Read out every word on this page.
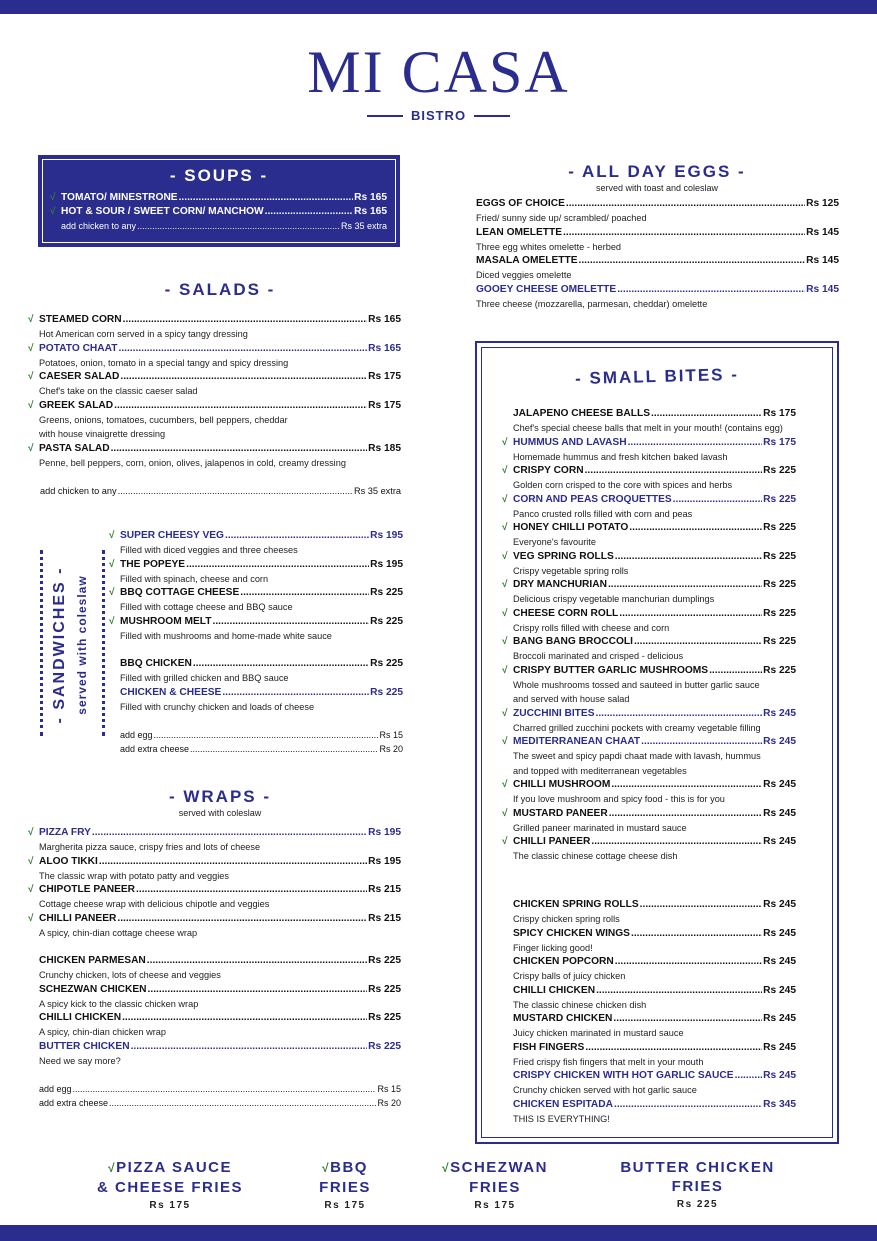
MI CASA
BISTRO
- SOUPS -
√ TOMATO/ MINESTRONE .....	Rs 165
√ HOT & SOUR / SWEET CORN/ MANCHOW .....	Rs 165
add chicken to any .....	Rs 35 extra
- SALADS -
√ STEAMED CORN .....	Rs 165
Hot American corn served in a spicy tangy dressing
√ POTATO CHAAT .....	Rs 165
Potatoes, onion, tomato in a special tangy and spicy dressing
√ CAESER SALAD .....	Rs 175
Chef's take on the classic caeser salad
√ GREEK SALAD .....	Rs 175
Greens, onions, tomatoes, cucumbers, bell peppers, cheddar
with house vinaigrette dressing
√ PASTA SALAD .....	Rs 185
Penne, bell peppers, corn, onion, olives, jalapenos in cold, creamy dressing
add chicken to any .....	Rs 35 extra
- SANDWICHES - served with coleslaw
√ SUPER CHEESY VEG .....	Rs 195
Filled with diced veggies and three cheeses
√ THE POPEYE .....	Rs 195
Filled with spinach, cheese and corn
√ BBQ COTTAGE CHEESE .....	Rs 225
Filled with cottage cheese and BBQ sauce
√ MUSHROOM MELT .....	Rs 225
Filled with mushrooms and home-made white sauce
BBQ CHICKEN .....	Rs 225
Filled with grilled chicken and BBQ sauce
CHICKEN & CHEESE .....	Rs 225
Filled with crunchy chicken and loads of cheese
add egg .....	Rs 15
add extra cheese .....	Rs 20
- WRAPS -
served with coleslaw
√ PIZZA FRY .....	Rs 195
Margherita pizza sauce, crispy fries and lots of cheese
√ ALOO TIKKI .....	Rs 195
The classic wrap with potato patty and veggies
√ CHIPOTLE PANEER .....	Rs 215
Cottage cheese wrap with delicious chipotle and veggies
√ CHILLI PANEER .....	Rs 215
A spicy, chin-dian cottage cheese wrap
CHICKEN PARMESAN .....	Rs 225
Crunchy chicken, lots of cheese and veggies
SCHEZWAN CHICKEN .....	Rs 225
A spicy kick to the classic chicken wrap
CHILLI CHICKEN .....	Rs 225
A spicy, chin-dian chicken wrap
BUTTER CHICKEN .....	Rs 225
Need we say more?
add egg .....	Rs 15
add extra cheese .....	Rs 20
- ALL DAY EGGS -
served with toast and coleslaw
EGGS OF CHOICE .....	Rs 125
Fried/ sunny side up/ scrambled/ poached
LEAN OMELETTE .....	Rs 145
Three egg whites omelette - herbed
MASALA OMELETTE .....	Rs 145
Diced veggies omelette
GOOEY CHEESE OMELETTE .....	Rs 145
Three cheese (mozzarella, parmesan, cheddar) omelette
- SMALL BITES -
JALAPENO CHEESE BALLS .....	Rs 175
Chef's special cheese balls that melt in your mouth! (contains egg)
√ HUMMUS AND LAVASH .....	Rs 175
Homemade hummus and fresh kitchen baked lavash
√ CRISPY CORN .....	Rs 225
Golden corn crisped to the core with spices and herbs
√ CORN AND PEAS CROQUETTES .....	Rs 225
Panco crusted rolls filled with corn and peas
√ HONEY CHILLI POTATO .....	Rs 225
Everyone's favourite
√ VEG SPRING ROLLS .....	Rs 225
Crispy vegetable spring rolls
√ DRY MANCHURIAN .....	Rs 225
Delicious crispy vegetable manchurian dumplings
√ CHEESE CORN ROLL .....	Rs 225
Crispy rolls filled with cheese and corn
√ BANG BANG BROCCOLI .....	Rs 225
Broccoli marinated and crisped - delicious
√ CRISPY BUTTER GARLIC MUSHROOMS .....	Rs 225
Whole mushrooms tossed and sauteed in butter garlic sauce
and served with house salad
√ ZUCCHINI BITES .....	Rs 245
Charred grilled zucchini pockets with creamy vegetable filling
√ MEDITERRANEAN CHAAT .....	Rs 245
The sweet and spicy papdi chaat made with lavash, hummus
and topped with mediterranean vegetables
√ CHILLI MUSHROOM .....	Rs 245
If you love mushroom and spicy food - this is for you
√ MUSTARD PANEER .....	Rs 245
Grilled paneer marinated in mustard sauce
√ CHILLI PANEER .....	Rs 245
The classic chinese cottage cheese dish
CHICKEN SPRING ROLLS .....	Rs 245
Crispy chicken spring rolls
SPICY CHICKEN WINGS .....	Rs 245
Finger licking good!
CHICKEN POPCORN .....	Rs 245
Crispy balls of juicy chicken
CHILLI CHICKEN .....	Rs 245
The classic chinese chicken dish
MUSTARD CHICKEN .....	Rs 245
Juicy chicken marinated in mustard sauce
FISH FINGERS .....	Rs 245
Fried crispy fish fingers that melt in your mouth
CRISPY CHICKEN WITH HOT GARLIC SAUCE .....	Rs 245
Crunchy chicken served with hot garlic sauce
CHICKEN ESPITADA .....	Rs 345
THIS IS EVERYTHING!
√PIZZA SAUCE
& CHEESE FRIES
Rs 175
√BBQ
FRIES
Rs 175
√SCHEZWAN
FRIES
Rs 175
BUTTER CHICKEN
FRIES
Rs 225
